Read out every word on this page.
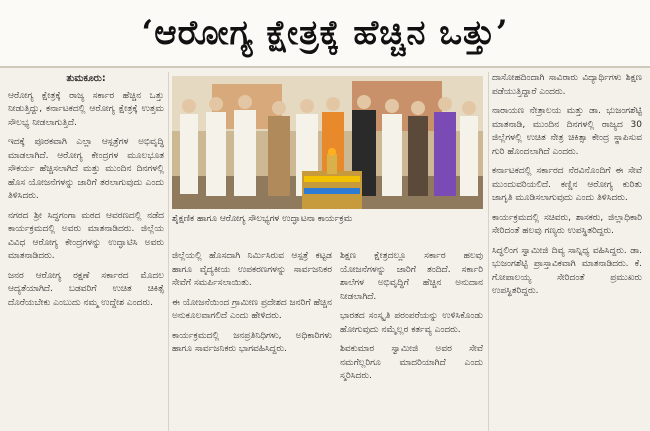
‘ಆರೋಗ್ಯ ಕ್ಷೇತ್ರಕ್ಕೆ ಹೆಚ್ಚಿನ ಒತ್ತು’

ತುಮಕೂರು:

ಆರೋಗ್ಯ ಕ್ಷೇತ್ರಕ್ಕೆ ರಾಜ್ಯ ಸರ್ಕಾರ ಹೆಚ್ಚಿನ ಒತ್ತು ನೀಡುತ್ತಿದ್ದು, ಕರ್ನಾಟಕದಲ್ಲಿ ಆರೋಗ್ಯ ಕ್ಷೇತ್ರಕ್ಕೆ ಉತ್ತಮ ಸೌಲಭ್ಯ ನೀಡಲಾಗುತ್ತಿದೆ.

ಇದಕ್ಕೆ ಪೂರಕವಾಗಿ ಎಲ್ಲಾ ಆಸ್ಪತ್ರೆಗಳ ಅಭಿವೃದ್ಧಿ ಮಾಡಲಾಗಿದೆ. ಆರೋಗ್ಯ ಕೇಂದ್ರಗಳ ಮೂಲಭೂತ ಸೌಕರ್ಯ ಹೆಚ್ಚಿಸಲಾಗಿದೆ ಮತ್ತು ಮುಂದಿನ ದಿನಗಳಲ್ಲಿ ಹೊಸ ಯೋಜನೆಗಳನ್ನು ಜಾರಿಗೆ ತರಲಾಗುವುದು ಎಂದು ತಿಳಿಸಿದರು.

ನಗರದ ಶ್ರೀ ಸಿದ್ಧಗಂಗಾ ಮಠದ ಆವರಣದಲ್ಲಿ ನಡೆದ ಕಾರ್ಯಕ್ರಮದಲ್ಲಿ ಅವರು ಮಾತನಾಡಿದರು. ಜಿಲ್ಲೆಯ ವಿವಿಧ ಆರೋಗ್ಯ ಕೇಂದ್ರಗಳನ್ನು ಉದ್ಘಾಟಿಸಿ ಅವರು ಮಾತನಾಡಿದರು.

ಜನರ ಆರೋಗ್ಯ ರಕ್ಷಣೆ ಸರ್ಕಾರದ ಮೊದಲ ಆದ್ಯತೆಯಾಗಿದೆ. ಬಡವರಿಗೆ ಉಚಿತ ಚಿಕಿತ್ಸೆ ದೊರೆಯಬೇಕು ಎಂಬುದು ನಮ್ಮ ಉದ್ದೇಶ ಎಂದರು.

ಶೈಕ್ಷಣಿಕ ಹಾಗೂ ಆರೋಗ್ಯ ಸೌಲಭ್ಯಗಳ ಉದ್ಘಾಟನಾ ಕಾರ್ಯಕ್ರಮ

ಜಿಲ್ಲೆಯಲ್ಲಿ ಹೊಸದಾಗಿ ನಿರ್ಮಿಸಿರುವ ಆಸ್ಪತ್ರೆ ಕಟ್ಟಡ ಹಾಗೂ ವೈದ್ಯಕೀಯ ಉಪಕರಣಗಳನ್ನು ಸಾರ್ವಜನಿಕರ ಸೇವೆಗೆ ಸಮರ್ಪಿಸಲಾಯಿತು.

ಈ ಯೋಜನೆಯಿಂದ ಗ್ರಾಮೀಣ ಪ್ರದೇಶದ ಜನರಿಗೆ ಹೆಚ್ಚಿನ ಅನುಕೂಲವಾಗಲಿದೆ ಎಂದು ಹೇಳಿದರು.

ಕಾರ್ಯಕ್ರಮದಲ್ಲಿ ಜನಪ್ರತಿನಿಧಿಗಳು, ಅಧಿಕಾರಿಗಳು ಹಾಗೂ ಸಾರ್ವಜನಿಕರು ಭಾಗವಹಿಸಿದ್ದರು.

ಶಿಕ್ಷಣ ಕ್ಷೇತ್ರದಲ್ಲೂ ಸರ್ಕಾರ ಹಲವು ಯೋಜನೆಗಳನ್ನು ಜಾರಿಗೆ ತಂದಿದೆ. ಸರ್ಕಾರಿ ಶಾಲೆಗಳ ಅಭಿವೃದ್ಧಿಗೆ ಹೆಚ್ಚಿನ ಅನುದಾನ ನೀಡಲಾಗಿದೆ.

ಭಾರತದ ಸಂಸ್ಕೃತಿ ಪರಂಪರೆಯನ್ನು ಉಳಿಸಿಕೊಂಡು ಹೋಗುವುದು ನಮ್ಮೆಲ್ಲರ ಕರ್ತವ್ಯ ಎಂದರು.

ಶಿವಕುಮಾರ ಸ್ವಾಮೀಜಿ ಅವರ ಸೇವೆ ನಮಗೆಲ್ಲರಿಗೂ ಮಾದರಿಯಾಗಿದೆ ಎಂದು ಸ್ಮರಿಸಿದರು.

ದಾಸೋಹದಿಂದಾಗಿ ಸಾವಿರಾರು ವಿದ್ಯಾರ್ಥಿಗಳು ಶಿಕ್ಷಣ ಪಡೆಯುತ್ತಿದ್ದಾರೆ ಎಂದರು.

ನಾರಾಯಣ ನೇತ್ರಾಲಯ ಮತ್ತು ಡಾ. ಭುಜಂಗಶೆಟ್ಟಿ ಮಾತನಾಡಿ, ಮುಂದಿನ ದಿನಗಳಲ್ಲಿ ರಾಜ್ಯದ 30 ಜಿಲ್ಲೆಗಳಲ್ಲಿ ಉಚಿತ ನೇತ್ರ ಚಿಕಿತ್ಸಾ ಕೇಂದ್ರ ಸ್ಥಾಪಿಸುವ ಗುರಿ ಹೊಂದಲಾಗಿದೆ ಎಂದರು.

ಕರ್ನಾಟಕದಲ್ಲಿ ಸರ್ಕಾರದ ನೆರವಿನೊಂದಿಗೆ ಈ ಸೇವೆ ಮುಂದುವರಿಯಲಿದೆ. ಕಣ್ಣಿನ ಆರೋಗ್ಯ ಕುರಿತು ಜಾಗೃತಿ ಮೂಡಿಸಲಾಗುವುದು ಎಂದು ತಿಳಿಸಿದರು.

ಕಾರ್ಯಕ್ರಮದಲ್ಲಿ ಸಚಿವರು, ಶಾಸಕರು, ಜಿಲ್ಲಾಧಿಕಾರಿ ಸೇರಿದಂತೆ ಹಲವು ಗಣ್ಯರು ಉಪಸ್ಥಿತರಿದ್ದರು.

ಸಿದ್ಧಲಿಂಗ ಸ್ವಾಮೀಜಿ ದಿವ್ಯ ಸಾನ್ನಿಧ್ಯ ವಹಿಸಿದ್ದರು. ಡಾ. ಭುಜಂಗಶೆಟ್ಟಿ ಪ್ರಾಸ್ತಾವಿಕವಾಗಿ ಮಾತನಾಡಿದರು. ಕೆ. ಗೋಪಾಲಯ್ಯ ಸೇರಿದಂತೆ ಪ್ರಮುಖರು ಉಪಸ್ಥಿತರಿದ್ದರು.
